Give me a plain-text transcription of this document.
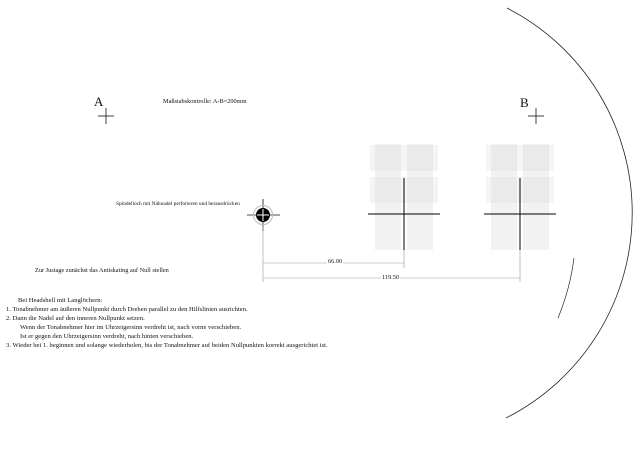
A	B
Maßstabskontrolle: A-B=200mm
Spindelloch mit Nähnadel perforieren und herausdrücken
66.00
119.50
Zur Justage zunächst das Antiskating auf Null stellen
Bei Headshell mit Langlöchern:
1. Tonabnehmer am äußeren Nullpunkt durch Drehen parallel zu den Hilfslinien ausrichten.
2. Dann die Nadel auf den inneren Nullpunkt setzen.
Wenn der Tonabnehmer hier im Uhrzeigersinn verdreht ist, nach vorne verschieben.
Ist er gegen den Uhrzeigersinn verdreht, nach hinten verschieben.
3. Wieder bei 1. beginnen und solange wiederholen, bis der Tonabnehmer auf beiden Nullpunkten korrekt ausgerichtet ist.
